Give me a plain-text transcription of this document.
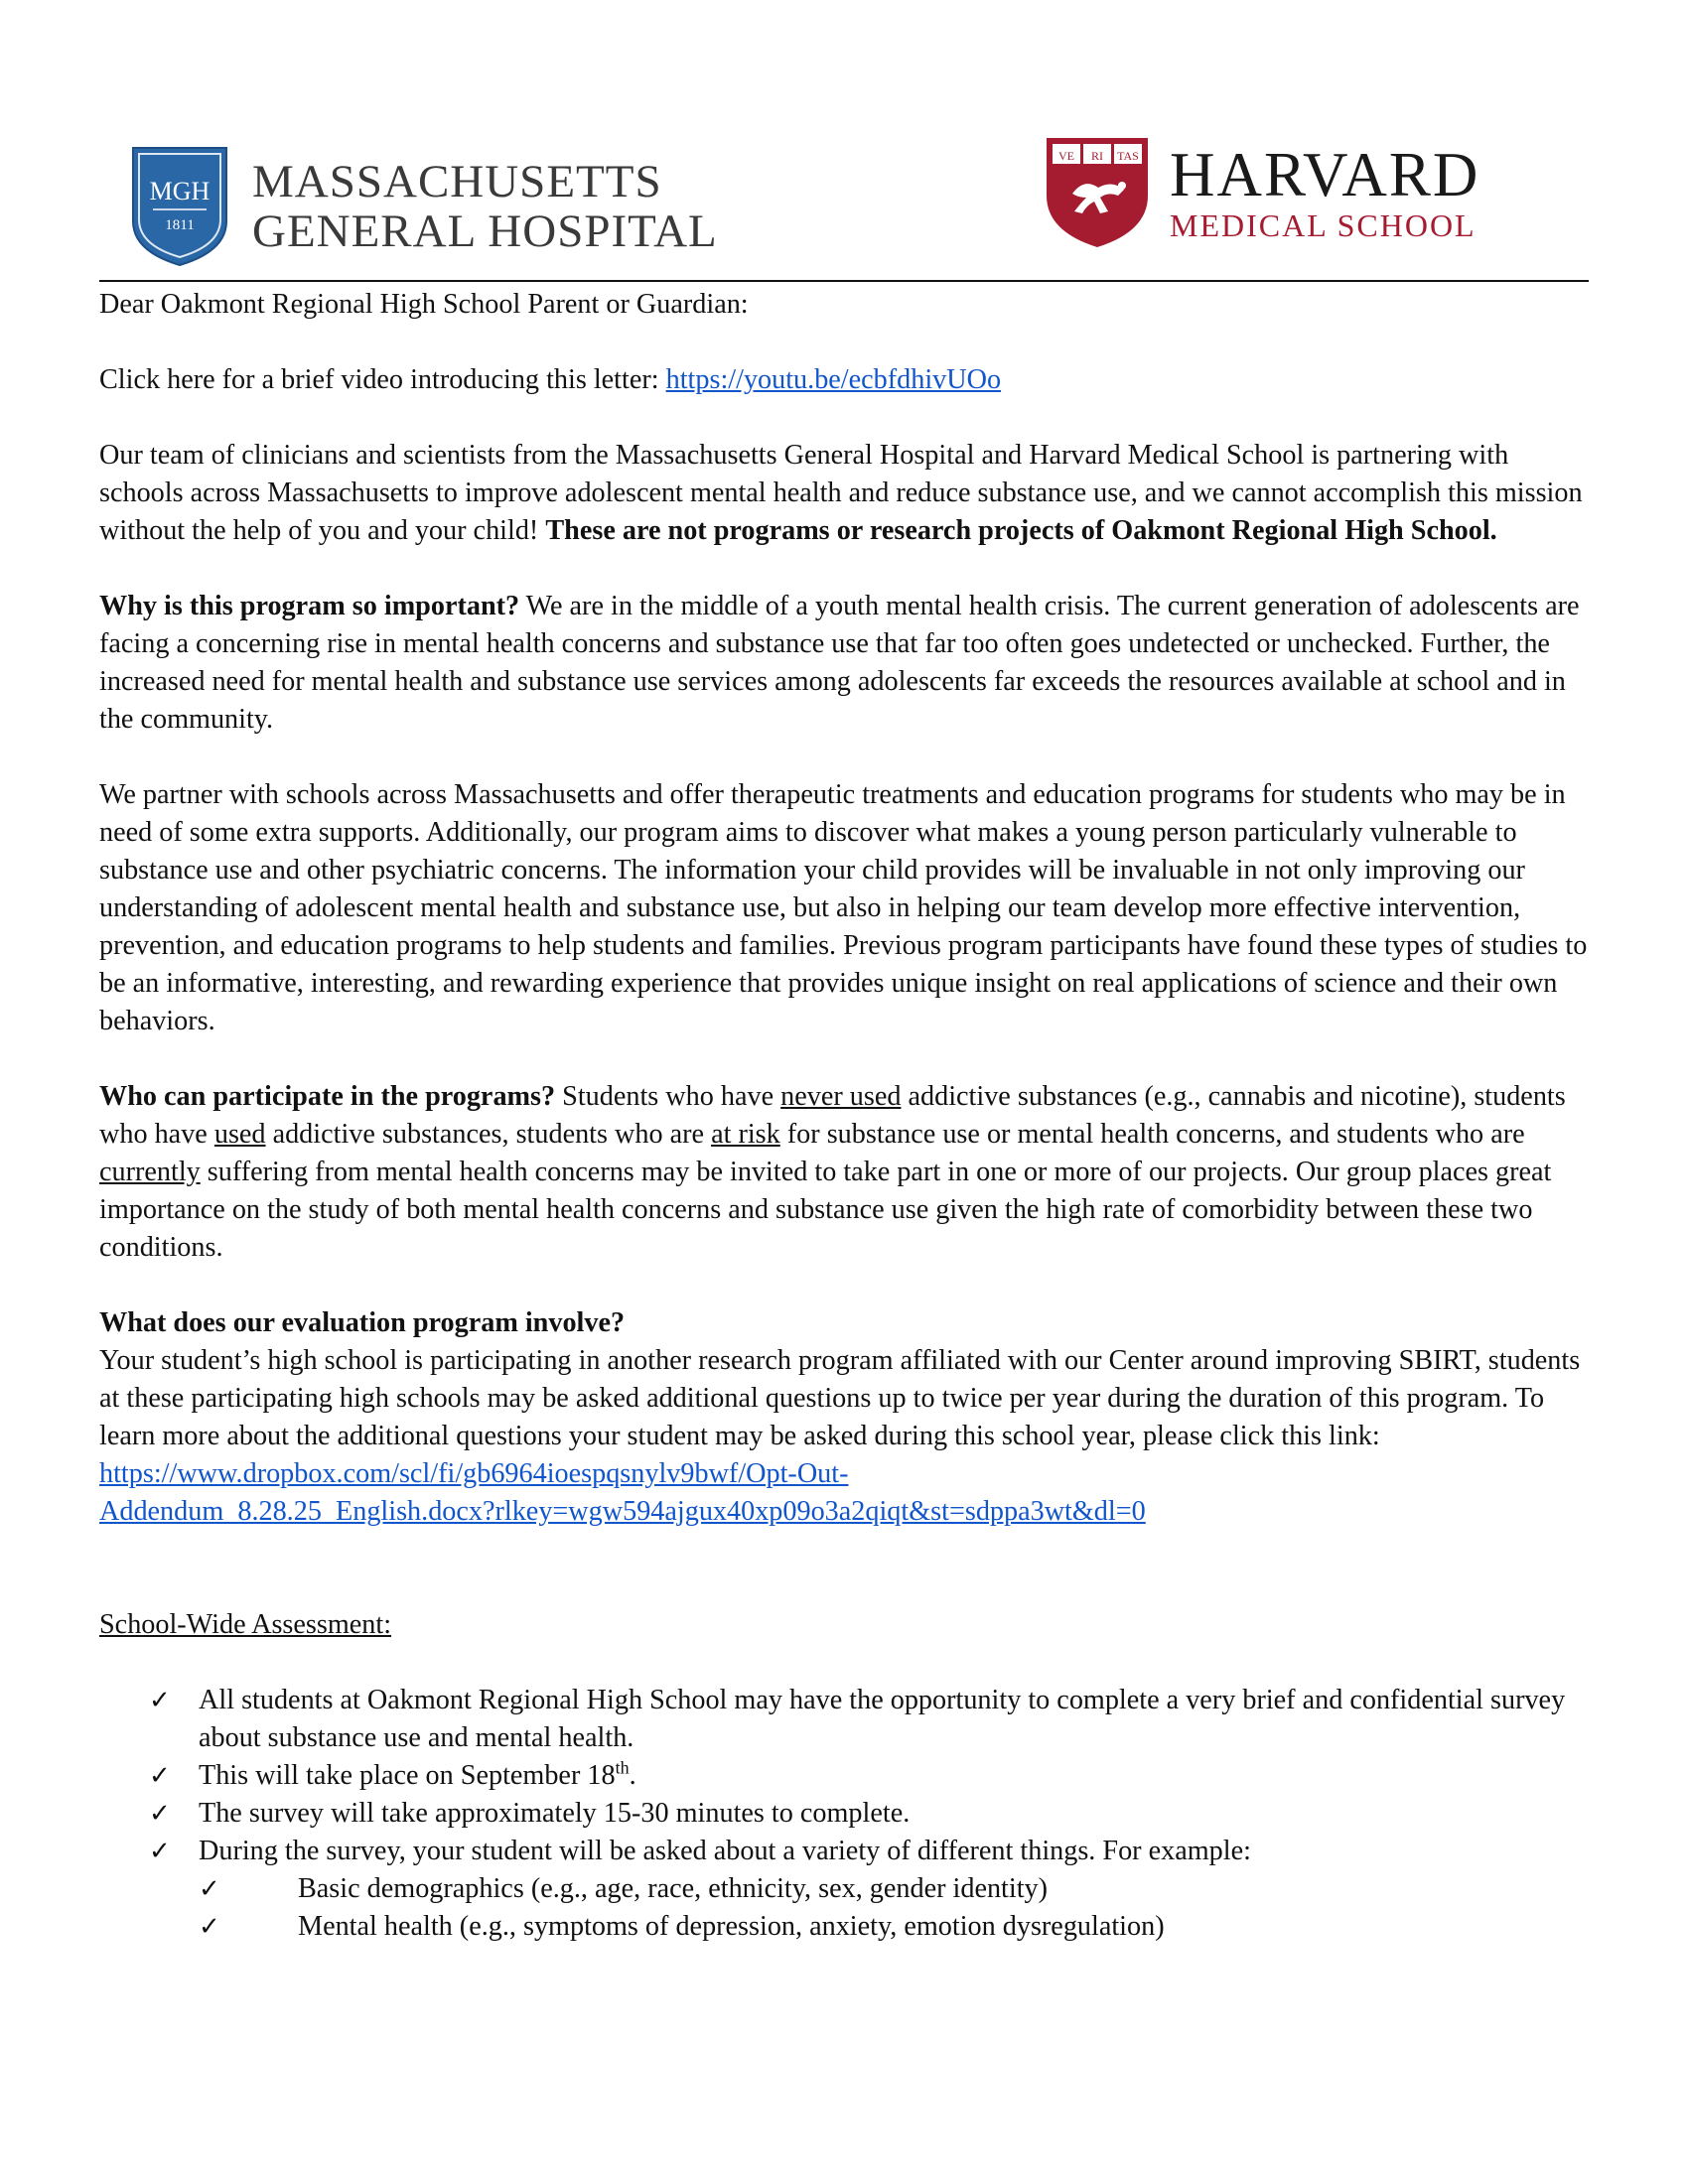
MGH
1811
MASSACHUSETTS
GENERAL HOSPITAL
VE RI TAS HARVARD
MEDICAL SCHOOL

Dear Oakmont Regional High School Parent or Guardian:

Click here for a brief video introducing this letter: https://youtu.be/ecbfdhivUOo

Our team of clinicians and scientists from the Massachusetts General Hospital and Harvard Medical School is partnering with schools across Massachusetts to improve adolescent mental health and reduce substance use, and we cannot accomplish this mission without the help of you and your child! These are not programs or research projects of Oakmont Regional High School.

Why is this program so important? We are in the middle of a youth mental health crisis. The current generation of adolescents are facing a concerning rise in mental health concerns and substance use that far too often goes undetected or unchecked. Further, the increased need for mental health and substance use services among adolescents far exceeds the resources available at school and in the community.

We partner with schools across Massachusetts and offer therapeutic treatments and education programs for students who may be in need of some extra supports. Additionally, our program aims to discover what makes a young person particularly vulnerable to substance use and other psychiatric concerns. The information your child provides will be invaluable in not only improving our understanding of adolescent mental health and substance use, but also in helping our team develop more effective intervention, prevention, and education programs to help students and families. Previous program participants have found these types of studies to be an informative, interesting, and rewarding experience that provides unique insight on real applications of science and their own behaviors.

Who can participate in the programs? Students who have never used addictive substances (e.g., cannabis and nicotine), students who have used addictive substances, students who are at risk for substance use or mental health concerns, and students who are currently suffering from mental health concerns may be invited to take part in one or more of our projects. Our group places great importance on the study of both mental health concerns and substance use given the high rate of comorbidity between these two conditions.

What does our evaluation program involve?

Your student’s high school is participating in another research program affiliated with our Center around improving SBIRT, students at these participating high schools may be asked additional questions up to twice per year during the duration of this program. To learn more about the additional questions your student may be asked during this school year, please click this link:

https://www.dropbox.com/scl/fi/gb6964ioespqsnylv9bwf/Opt-Out-
Addendum_8.28.25_English.docx?rlkey=wgw594ajgux40xp09o3a2qiqt&st=sdppa3wt&dl=0

School-Wide Assessment:

✓ All students at Oakmont Regional High School may have the opportunity to complete a very brief and confidential survey about substance use and mental health.
✓ This will take place on September 18th.
✓ The survey will take approximately 15-30 minutes to complete.
✓ During the survey, your student will be asked about a variety of different things. For example:
✓	Basic demographics (e.g., age, race, ethnicity, sex, gender identity)
✓	Mental health (e.g., symptoms of depression, anxiety, emotion dysregulation)
